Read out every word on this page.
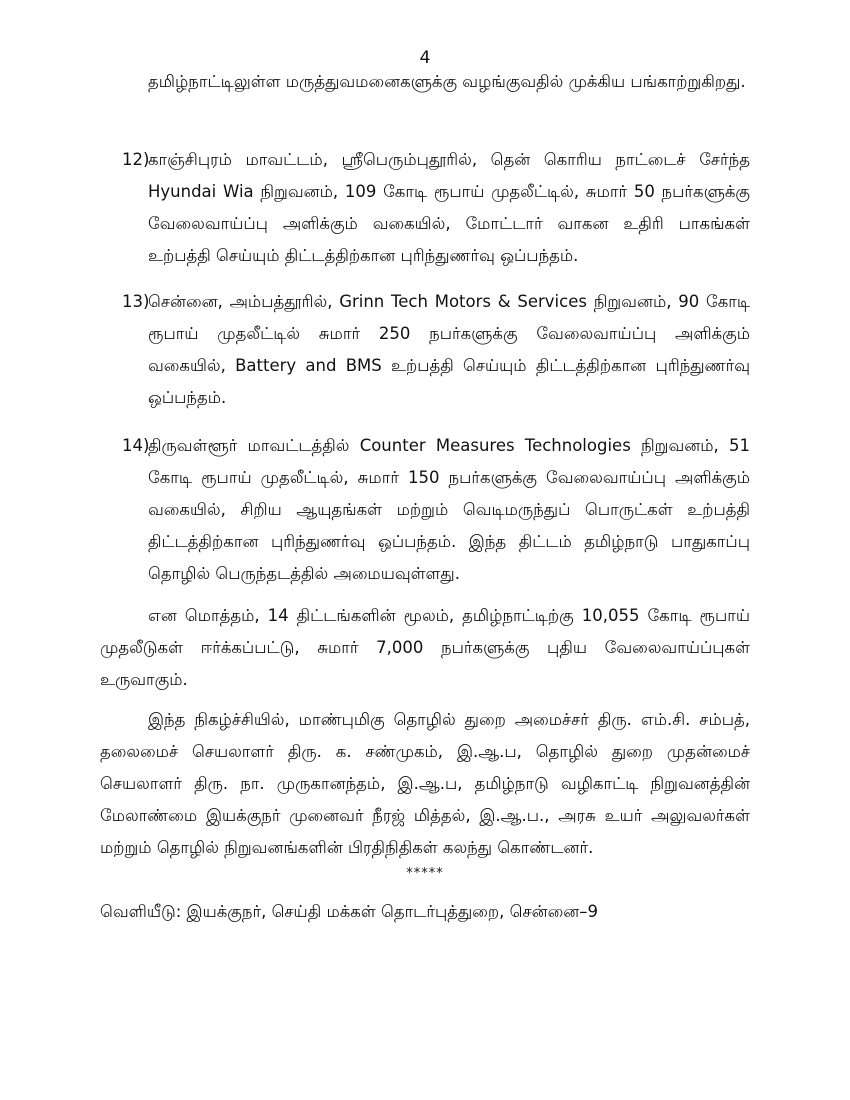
4
தமிழ்நாட்டிலுள்ள மருத்துவமனைகளுக்கு வழங்குவதில் முக்கிய பங்காற்றுகிறது.
12)
காஞ்சிபுரம் மாவட்டம், ஸ்ரீபெரும்புதூரில், தென் கொரிய நாட்டைச் சேர்ந்த Hyundai Wia நிறுவனம், 109 கோடி ரூபாய் முதலீட்டில், சுமார் 50 நபர்களுக்கு வேலைவாய்ப்பு அளிக்கும் வகையில், மோட்டார் வாகன உதிரி பாகங்கள் உற்பத்தி செய்யும் திட்டத்திற்கான புரிந்துணர்வு ஒப்பந்தம்.
13)
சென்னை, அம்பத்தூரில், Grinn Tech Motors & Services நிறுவனம், 90 கோடி ரூபாய் முதலீட்டில் சுமார் 250 நபர்களுக்கு வேலைவாய்ப்பு அளிக்கும் வகையில், Battery and BMS உற்பத்தி செய்யும் திட்டத்திற்கான புரிந்துணர்வு ஒப்பந்தம்.
14)
திருவள்ளூர் மாவட்டத்தில் Counter Measures Technologies நிறுவனம், 51 கோடி ரூபாய் முதலீட்டில், சுமார் 150 நபர்களுக்கு வேலைவாய்ப்பு அளிக்கும் வகையில், சிறிய ஆயுதங்கள் மற்றும் வெடிமருந்துப் பொருட்கள் உற்பத்தி திட்டத்திற்கான புரிந்துணர்வு ஒப்பந்தம். இந்த திட்டம் தமிழ்நாடு பாதுகாப்பு தொழில் பெருந்தடத்தில் அமையவுள்ளது.
என மொத்தம், 14 திட்டங்களின் மூலம், தமிழ்நாட்டிற்கு 10,055 கோடி ரூபாய் முதலீடுகள் ஈர்க்கப்பட்டு, சுமார் 7,000 நபர்களுக்கு புதிய வேலைவாய்ப்புகள் உருவாகும்.
இந்த நிகழ்ச்சியில், மாண்புமிகு தொழில் துறை அமைச்சர் திரு. எம்.சி. சம்பத், தலைமைச் செயலாளர் திரு. க. சண்முகம், இ.ஆ.ப, தொழில் துறை முதன்மைச் செயலாளர் திரு. நா. முருகானந்தம், இ.ஆ.ப, தமிழ்நாடு வழிகாட்டி நிறுவனத்தின் மேலாண்மை இயக்குநர் முனைவர் நீரஜ் மித்தல், இ.ஆ.ப., அரசு உயர் அலுவலர்கள் மற்றும் தொழில் நிறுவனங்களின் பிரதிநிதிகள் கலந்து கொண்டனர்.
*****
வெளியீடு: இயக்குநர், செய்தி மக்கள் தொடர்புத்துறை, சென்னை–9
